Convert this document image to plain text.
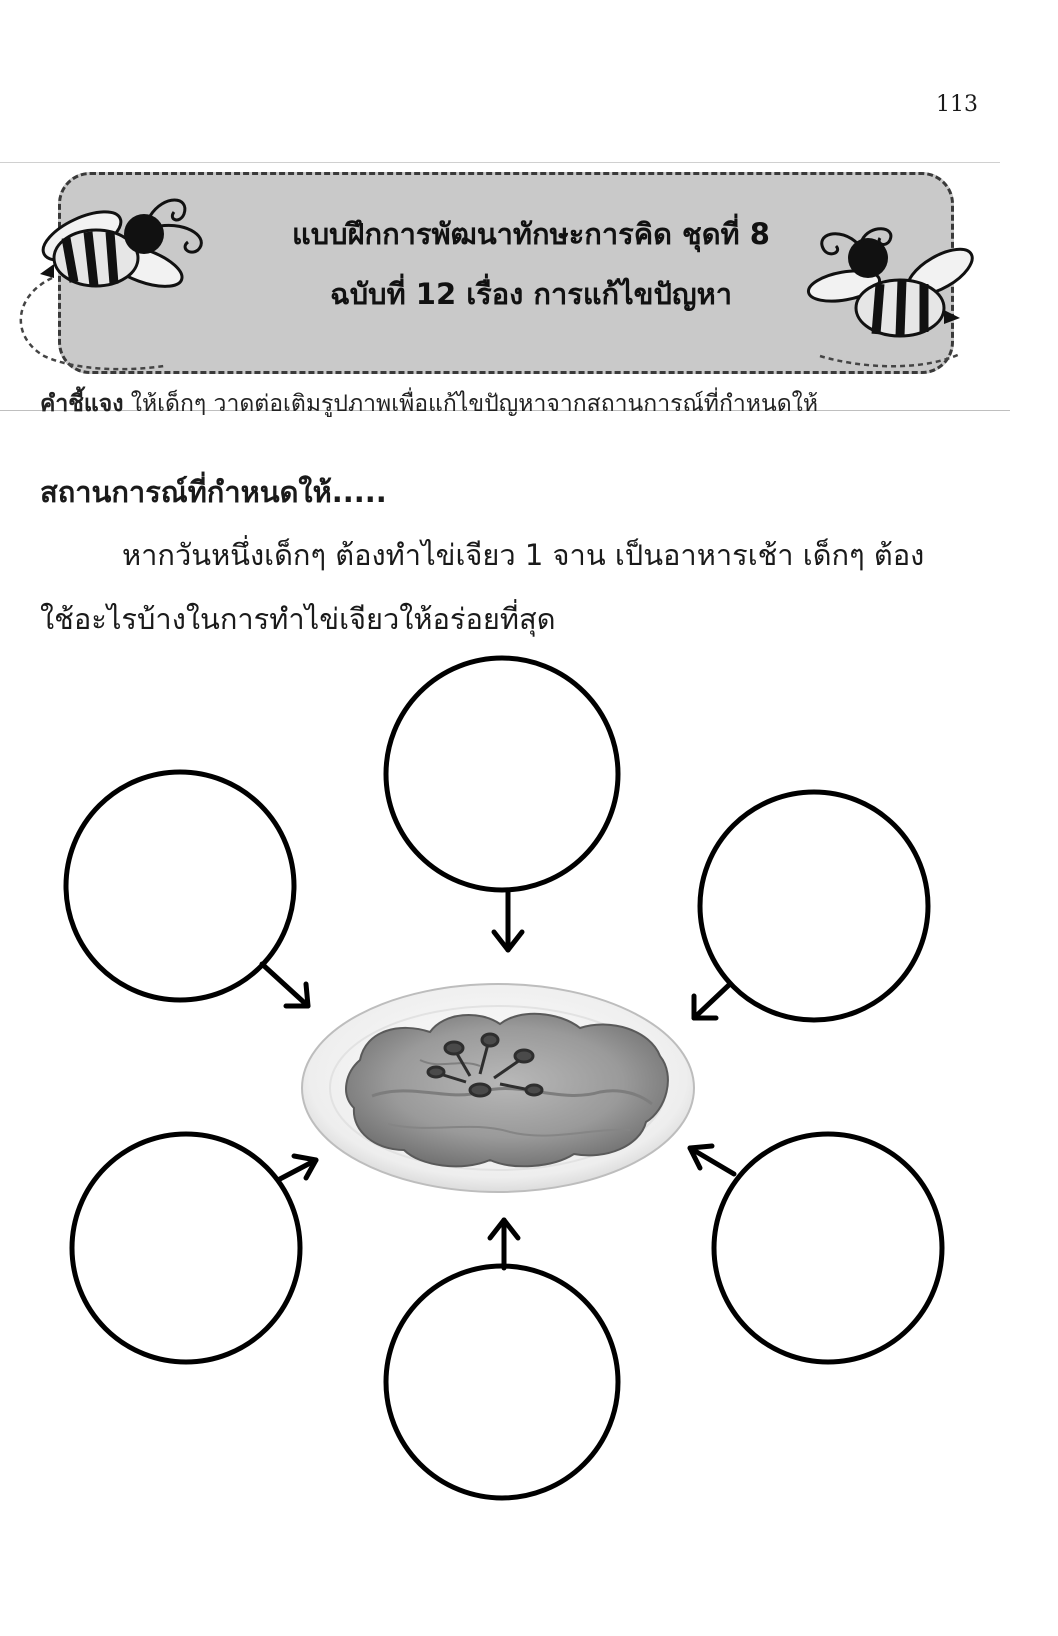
113
แบบฝึกการพัฒนาทักษะการคิด ชุดที่ 8
ฉบับที่ 12 เรื่อง การแก้ไขปัญหา
คำชี้แจง ให้เด็กๆ วาดต่อเติมรูปภาพเพื่อแก้ไขปัญหาจากสถานการณ์ที่กำหนดให้
สถานการณ์ที่กำหนดให้.....
หากวันหนึ่งเด็กๆ ต้องทำไข่เจียว 1 จาน เป็นอาหารเช้า เด็กๆ ต้อง
ใช้อะไรบ้างในการทำไข่เจียวให้อร่อยที่สุด
